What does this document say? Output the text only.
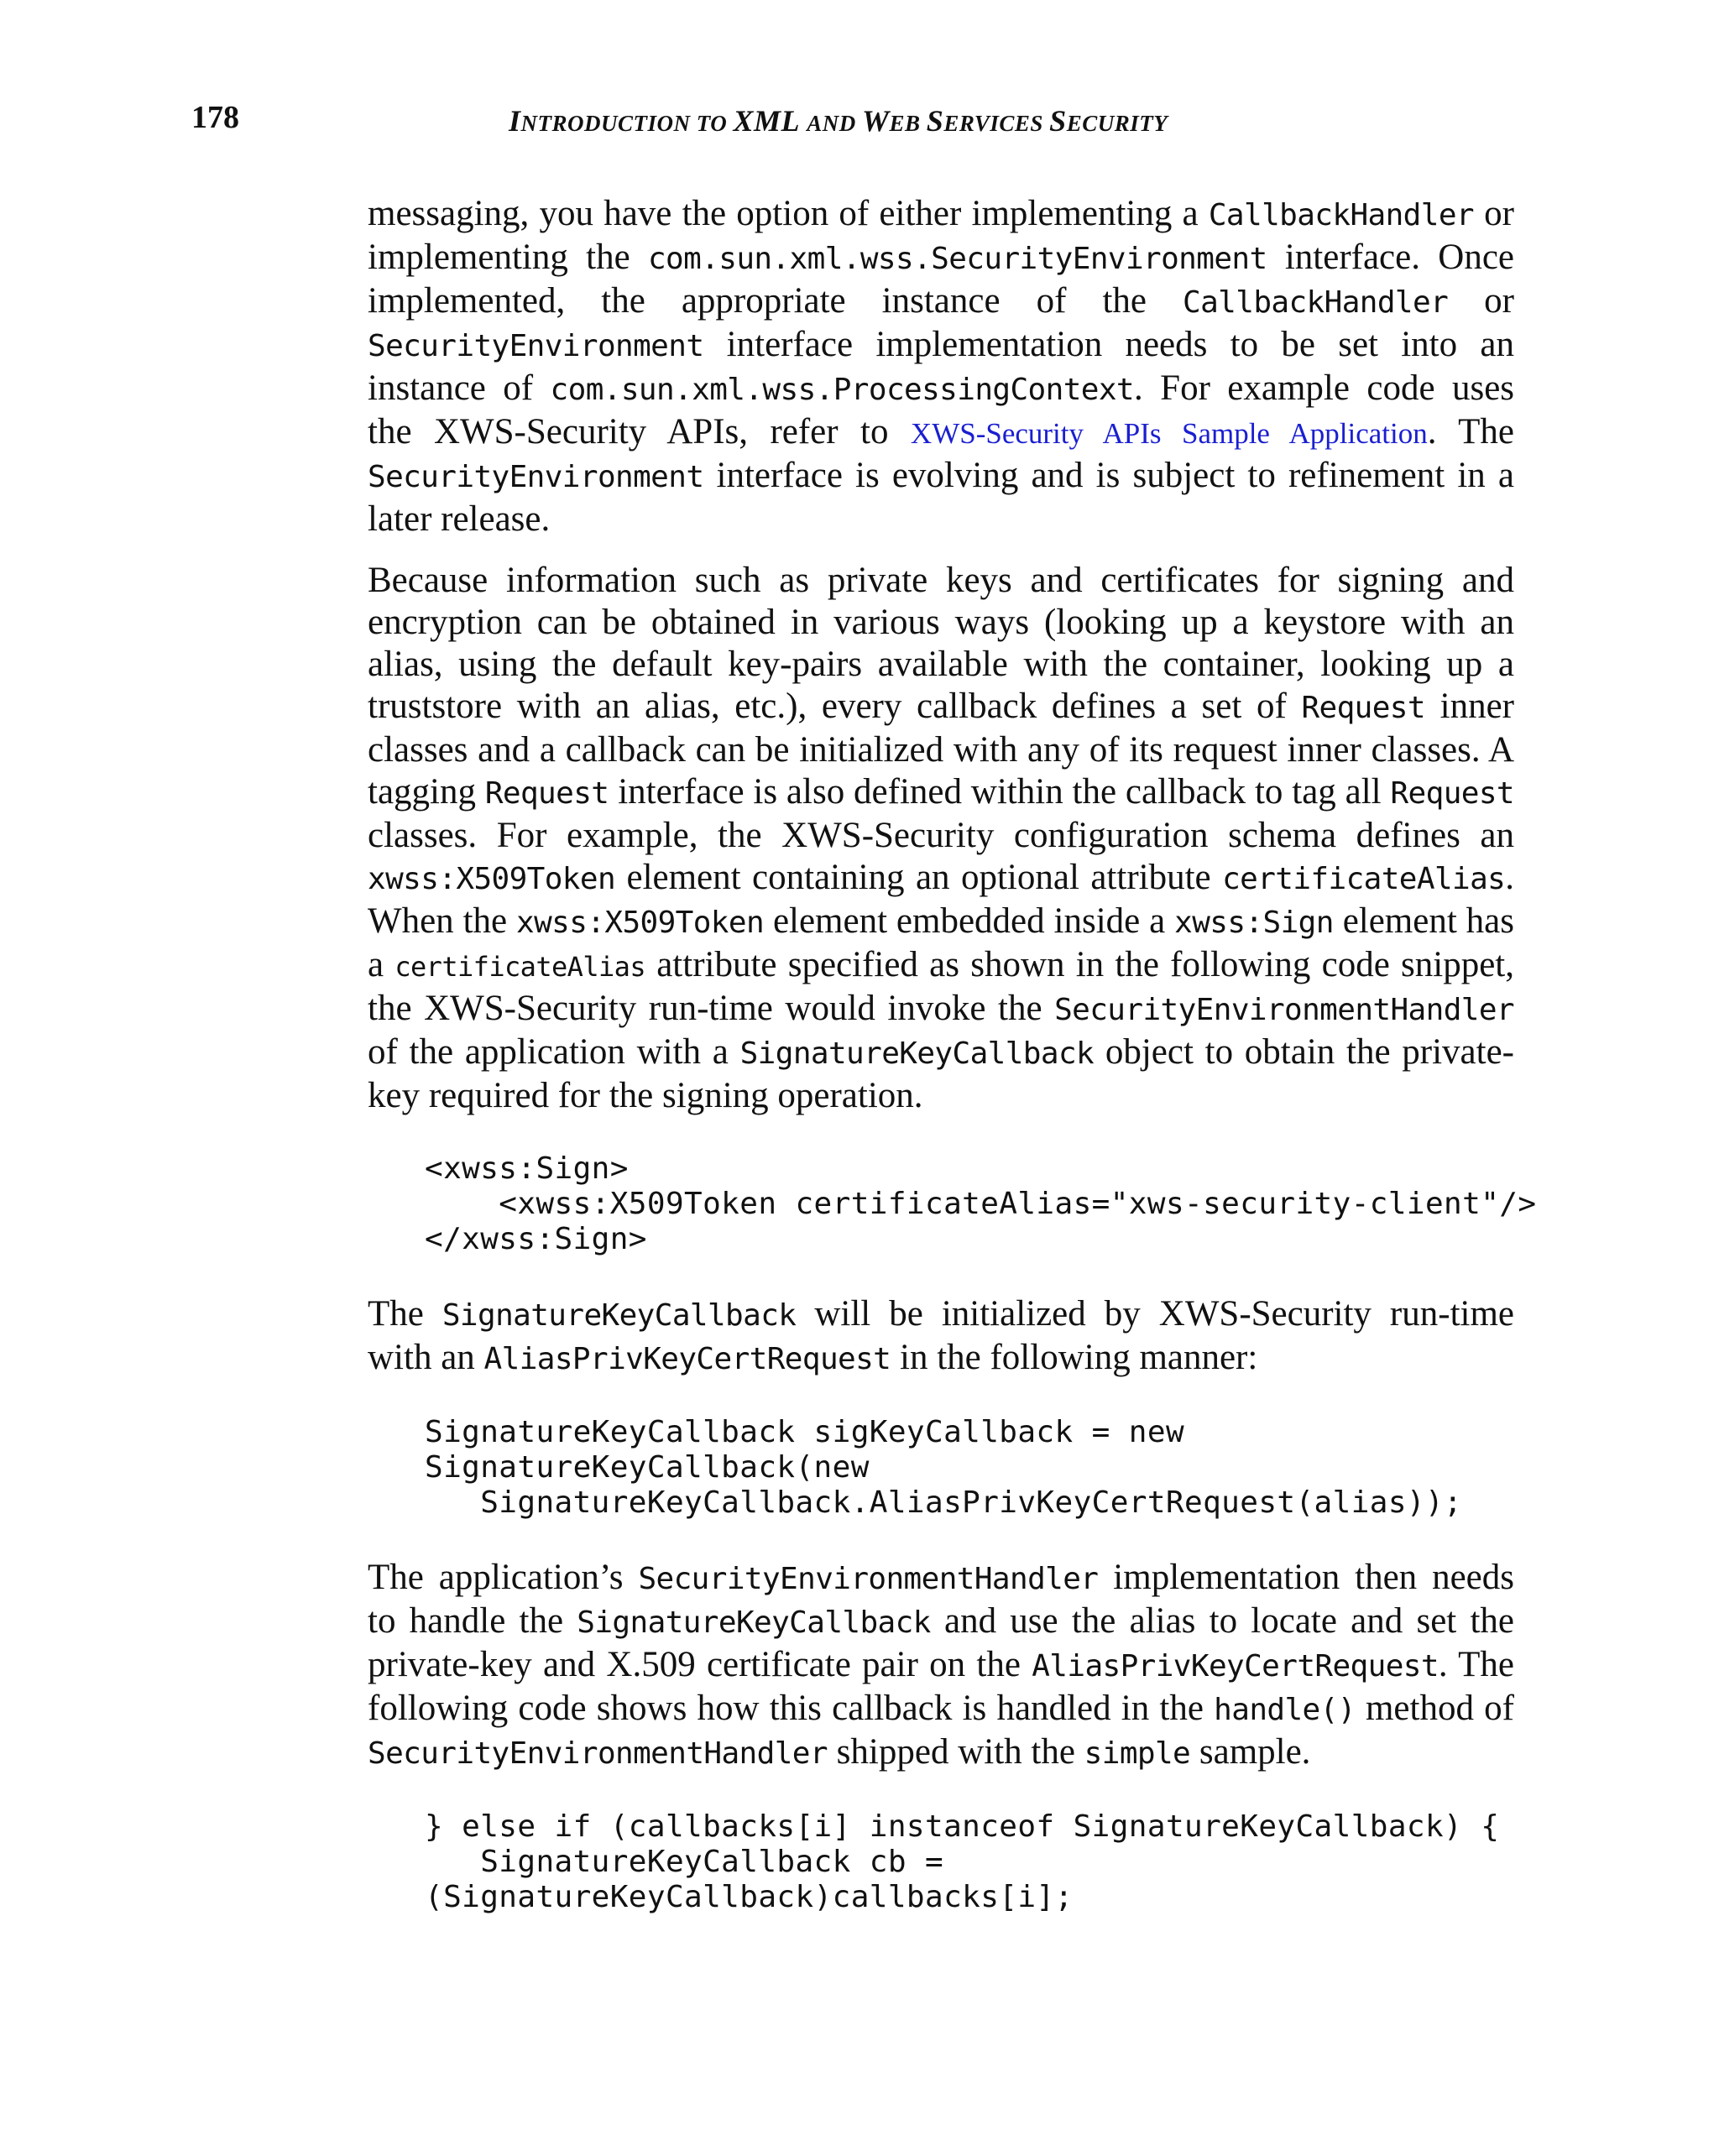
178	INTRODUCTION TO XML AND WEB SERVICES SECURITY

messaging, you have the option of either implementing a CallbackHandler or implementing the com.sun.xml.wss.SecurityEnvironment interface. Once implemented, the appropriate instance of the CallbackHandler or SecurityEnvironment interface implementation needs to be set into an instance of com.sun.xml.wss.ProcessingContext. For example code uses the XWS-Security APIs, refer to XWS-Security APIs Sample Application. The SecurityEnvironment interface is evolving and is subject to refinement in a later release.

Because information such as private keys and certificates for signing and encryption can be obtained in various ways (looking up a keystore with an alias, using the default key-pairs available with the container, looking up a truststore with an alias, etc.), every callback defines a set of Request inner classes and a callback can be initialized with any of its request inner classes. A tagging Request interface is also defined within the callback to tag all Request classes. For example, the XWS-Security configuration schema defines an xwss:X509Token element containing an optional attribute certificateAlias. When the xwss:X509Token element embedded inside a xwss:Sign element has a certificateAlias attribute specified as shown in the following code snippet, the XWS-Security run-time would invoke the SecurityEnvironmentHandler of the application with a SignatureKeyCallback object to obtain the private-key required for the signing operation.

<xwss:Sign>
<xwss:X509Token certificateAlias="xws-security-client"/>
</xwss:Sign>

The SignatureKeyCallback will be initialized by XWS-Security run-time with an AliasPrivKeyCertRequest in the following manner:

SignatureKeyCallback sigKeyCallback = new
SignatureKeyCallback(new
SignatureKeyCallback.AliasPrivKeyCertRequest(alias));

The application’s SecurityEnvironmentHandler implementation then needs to handle the SignatureKeyCallback and use the alias to locate and set the private-key and X.509 certificate pair on the AliasPrivKeyCertRequest. The following code shows how this callback is handled in the handle() method of SecurityEnvironmentHandler shipped with the simple sample.

} else if (callbacks[i] instanceof SignatureKeyCallback) {
SignatureKeyCallback cb =
(SignatureKeyCallback)callbacks[i];
